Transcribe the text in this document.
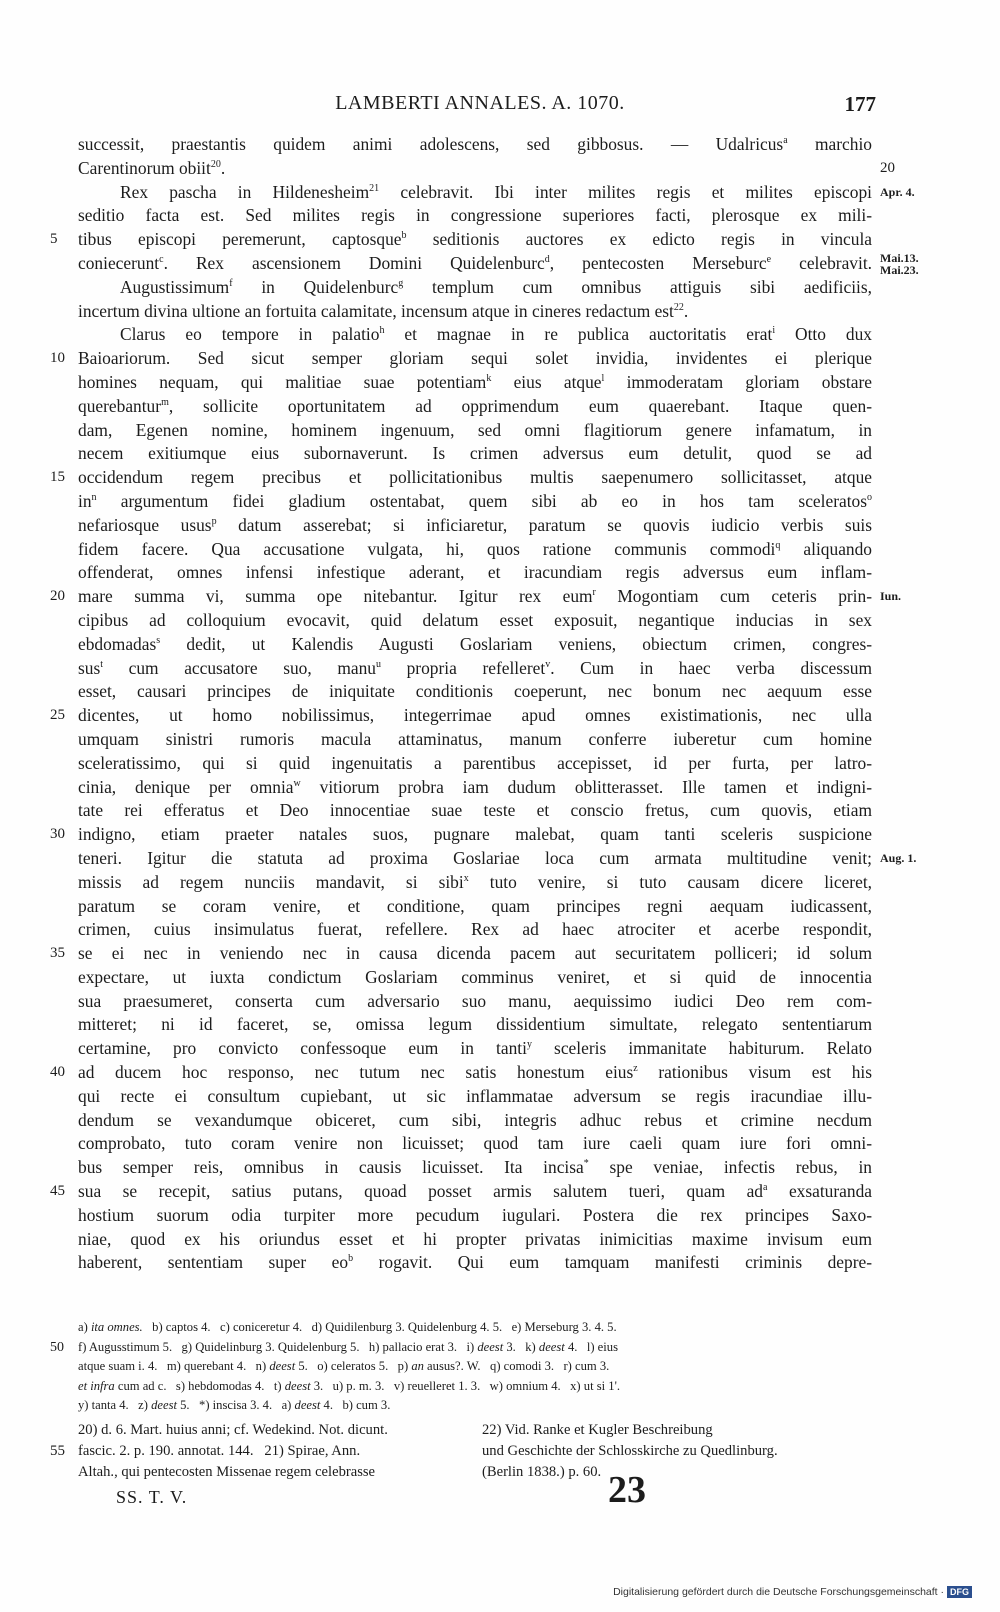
LAMBERTI ANNALES. A. 1070.	177
5
10
15
20
25
30
35
40
45
successit, praestantis quidem animi adolescens, sed gibbosus. — Udalricus$^a$ marchio
Carentinorum obiit$^{20}$.
Rex pascha in Hildenesheim$^{21}$ celebravit. Ibi inter milites regis et milites episcopi
seditio facta est. Sed milites regis in congressione superiores facti, plerosque ex mili-
tibus episcopi peremerunt, captosque$^b$ seditionis auctores ex edicto regis in vincula
coniecerunt$^c$. Rex ascensionem Domini Quidelenburc$^d$, pentecosten Merseburc$^e$ celebravit.
Augustissimum$^f$ in Quidelenburc$^g$ templum cum omnibus attiguis sibi aedificiis,
incertum divina ultione an fortuita calamitate, incensum atque in cineres redactum est$^{22}$.
Clarus eo tempore in palatio$^h$ et magnae in re publica auctoritatis erat$^i$ Otto dux
Baioariorum. Sed sicut semper gloriam sequi solet invidia, invidentes ei plerique
homines nequam, qui malitiae suae potentiam$^k$ eius atque$^l$ immoderatam gloriam obstare
querebantur$^m$, sollicite oportunitatem ad opprimendum eum quaerebant. Itaque quen-
dam, Egenen nomine, hominem ingenuum, sed omni flagitiorum genere infamatum, in
necem exitiumque eius subornaverunt. Is crimen adversus eum detulit, quod se ad
occidendum regem precibus et pollicitationibus multis saepenumero sollicitasset, atque
$in^n$ argumentum fidei gladium ostentabat, quem sibi ab eo in hos tam sceleratos$^o$
nefariosque usus$^p$ datum asserebat; si inficiaretur, paratum se quovis iudicio verbis suis
fidem facere. Qua accusatione vulgata, hi, quos ratione communis commodi$^q$ aliquando
offenderat, omnes infensi infestique aderant, et iracundiam regis adversus eum inflam-
mare summa vi, summa ope nitebantur. Igitur rex eum$^r$ Mogontiam cum ceteris prin-
cipibus ad colloquium evocavit, quid delatum esset exposuit, negantique inducias in sex
ebdomadas$^s$ dedit, ut Kalendis Augusti Goslariam veniens, obiectum crimen, congres-
sus$^t$ cum accusatore suo, manu$^u$ propria refelleret$^v$. Cum in haec verba discessum
esset, causari principes de iniquitate conditionis coeperunt, nec bonum nec aequum esse
dicentes, ut homo nobilissimus, integerrimae apud omnes existimationis, nec ulla
umquam sinistri rumoris macula attaminatus, manum conferre iuberetur cum homine
sceleratissimo, qui si quid ingenuitatis a parentibus accepisset, id per furta, per latro-
cinia, denique per omnia$^w$ vitiorum probra iam dudum oblitterasset. Ille tamen et indigni-
tate rei efferatus et Deo innocentiae suae teste et conscio fretus, cum quovis, etiam
indigno, etiam praeter natales suos, pugnare malebat, quam tanti sceleris suspicione
teneri. Igitur die statuta ad proxima Goslariae loca cum armata multitudine venit;
missis ad regem nunciis mandavit, si sibi$^x$ tuto venire, si tuto causam dicere liceret,
paratum se coram venire, et conditione, quam principes regni aequam iudicassent,
crimen, cuius insimulatus fuerat, refellere. Rex ad haec atrociter et acerbe respondit,
se ei nec in veniendo nec in causa dicenda pacem aut securitatem polliceri; id solum
expectare, ut iuxta condictum Goslariam comminus veniret, et si quid de innocentia
sua praesumeret, conserta cum adversario suo manu, aequissimo iudici Deo rem com-
mitteret; ni id faceret, se, omissa legum dissidentium simultate, relegato sententiarum
certamine, pro convicto confessoque eum in tanti$^y$ sceleris immanitate habiturum. Relato
ad ducem hoc responso, nec tutum nec satis honestum eius$^z$ rationibus visum est his
qui recte ei consultum cupiebant, ut sic inflammatae adversum se regis iracundiae illu-
dendum se vexandumque obiceret, cum sibi, integris adhuc rebus et crimine necdum
comprobato, tuto coram venire non licuisset; quod tam iure caeli quam iure fori omni-
bus semper reis, omnibus in causis licuisset. Ita incisa* spe veniae, infectis rebus, in
sua se recepit, satius putans, quoad posset armis salutem tueri, quam $ad^a$ exsaturanda
hostium suorum odia turpiter more pecudum iugulari. Postera die rex principes Saxo-
niae, quod ex his oriundus esset et hi propter privatas inimicitias maxime invisum eum
haberent, sententiam super $eo^b$ rogavit. Qui eum tamquam manifesti criminis depre-
20
Apr. 4.
Mai.13.
Mai.23.
Iun.
Aug. 1.
a) ita omnes.   b) captos 4.   c) coniceretur 4.   d) Quidilenburg 3. Quidelenburg 4. 5.   e) Merseburg 3. 4. 5.
f) Augusstimum 5.   g) Quidelinburg 3. Quidelenburg 5.   h) pallacio erat 3.   i) deest 3.   k) deest 4.   l) eius
50
atque suam i. 4.   m) querebant 4.   n) deest 5.   o) celeratos 5.   p) an ausus?. W.   q) comodi 3.   r) cum 3.
et infra cum ad c.   s) hebdomodas 4.   t) deest 3.   u) p. m. 3.   v) reuelleret 1. 3.   w) omnium 4.   x) ut si 1'.
y) tanta 4.   z) deest 5.   *) inscisa 3. 4.   a) deest 4.   b) cum 3.
20) d. 6. Mart. huius anni; cf. Wedekind. Not. dicunt.
fascic. 2. p. 190. annotat. 144.   21) Spirae, Ann.
55
Altah., qui pentecosten Missenae regem celebrasse
22) Vid. Ranke et Kugler Beschreibung
und Geschichte der Schlosskirche zu Quedlinburg.
(Berlin 1838.) p. 60.
SS. T. V.	23
Digitalisierung gefördert durch die Deutsche Forschungsgemeinschaft · DFG
